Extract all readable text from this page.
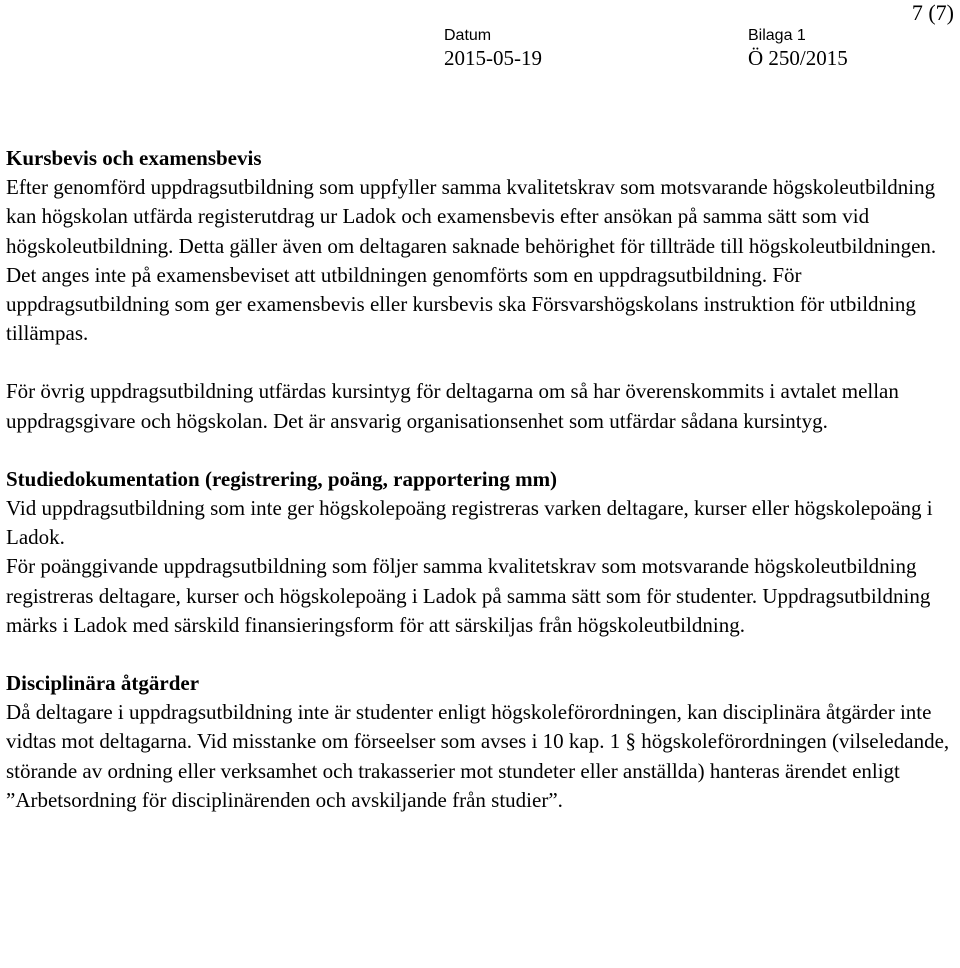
7 (7)
Datum
2015-05-19
Bilaga 1
Ö 250/2015

Kursbevis och examensbevis

Efter genomförd uppdragsutbildning som uppfyller samma kvalitetskrav som motsvarande högskoleutbildning kan högskolan utfärda registerutdrag ur Ladok och examensbevis efter ansökan på samma sätt som vid högskoleutbildning. Detta gäller även om deltagaren saknade behörighet för tillträde till högskoleutbildningen. Det anges inte på examensbeviset att utbildningen genomförts som en uppdragsutbildning. För uppdragsutbildning som ger examensbevis eller kursbevis ska Försvarshögskolans instruktion för utbildning tillämpas.

För övrig uppdragsutbildning utfärdas kursintyg för deltagarna om så har överenskommits i avtalet mellan uppdragsgivare och högskolan. Det är ansvarig organisationsenhet som utfärdar sådana kursintyg.

Studiedokumentation (registrering, poäng, rapportering mm)

Vid uppdragsutbildning som inte ger högskolepoäng registreras varken deltagare, kurser eller högskolepoäng i Ladok.

För poänggivande uppdragsutbildning som följer samma kvalitetskrav som motsvarande högskoleutbildning registreras deltagare, kurser och högskolepoäng i Ladok på samma sätt som för studenter. Uppdragsutbildning märks i Ladok med särskild finansieringsform för att särskiljas från högskoleutbildning.

Disciplinära åtgärder

Då deltagare i uppdragsutbildning inte är studenter enligt högskoleförordningen, kan disciplinära åtgärder inte vidtas mot deltagarna. Vid misstanke om förseelser som avses i 10 kap. 1 § högskoleförordningen (vilseledande, störande av ordning eller verksamhet och trakasserier mot stundeter eller anställda) hanteras ärendet enligt ”Arbetsordning för disciplinärenden och avskiljande från studier”.
